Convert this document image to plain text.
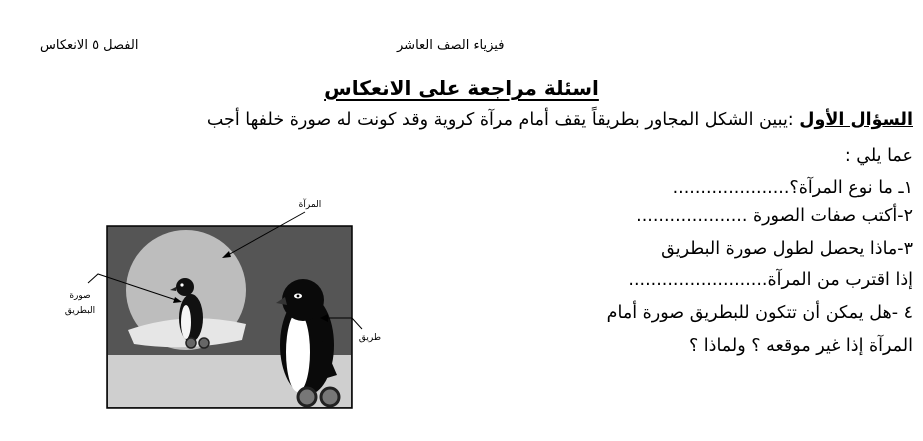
الفصل ٥ الانعكاس	فيزياء الصف العاشر
اسئلة مراجعة على الانعكاس
السؤال الأول :يبين الشكل المجاور بطريقاً يقف أمام مرآة كروية وقد كونت له صورة خلفها أجب
عما يلي :
١ـ ما نوع المرآة؟.....................
٢-أكتب صفات الصورة ....................
٣-ماذا يحصل لطول صورة البطريق
إذا اقترب من المرآة.........................
٤ -هل يمكن أن تتكون للبطريق صورة أمام
المرآة إذا غير موقعه ؟ ولماذا ؟
المرآة
صورة
البطريق
طريق
